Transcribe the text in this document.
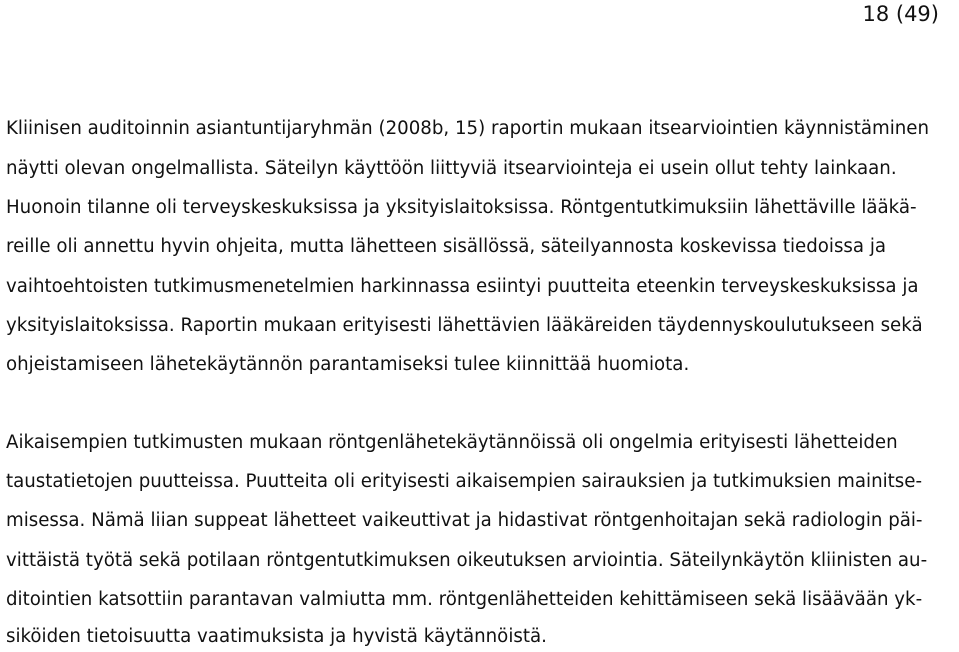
18 (49)
Kliinisen auditoinnin asiantuntijaryhmän (2008b, 15) raportin mukaan itsearviointien käynnistäminen
näytti olevan ongelmallista. Säteilyn käyttöön liittyviä itsearviointeja ei usein ollut tehty lainkaan.
Huonoin tilanne oli terveyskeskuksissa ja yksityislaitoksissa. Röntgentutkimuksiin lähettäville lääkä-
reille oli annettu hyvin ohjeita, mutta lähetteen sisällössä, säteilyannosta koskevissa tiedoissa ja
vaihtoehtoisten tutkimusmenetelmien harkinnassa esiintyi puutteita eteenkin terveyskeskuksissa ja
yksityislaitoksissa. Raportin mukaan erityisesti lähettävien lääkäreiden täydennyskoulutukseen sekä
ohjeistamiseen lähetekäytännön parantamiseksi tulee kiinnittää huomiota.
Aikaisempien tutkimusten mukaan röntgenlähetekäytännöissä oli ongelmia erityisesti lähetteiden
taustatietojen puutteissa. Puutteita oli erityisesti aikaisempien sairauksien ja tutkimuksien mainitse-
misessa. Nämä liian suppeat lähetteet vaikeuttivat ja hidastivat röntgenhoitajan sekä radiologin päi-
vittäistä työtä sekä potilaan röntgentutkimuksen oikeutuksen arviointia. Säteilynkäytön kliinisten au-
ditointien katsottiin parantavan valmiutta mm. röntgenlähetteiden kehittämiseen sekä lisäävään yk-
siköiden tietoisuutta vaatimuksista ja hyvistä käytännöistä.
